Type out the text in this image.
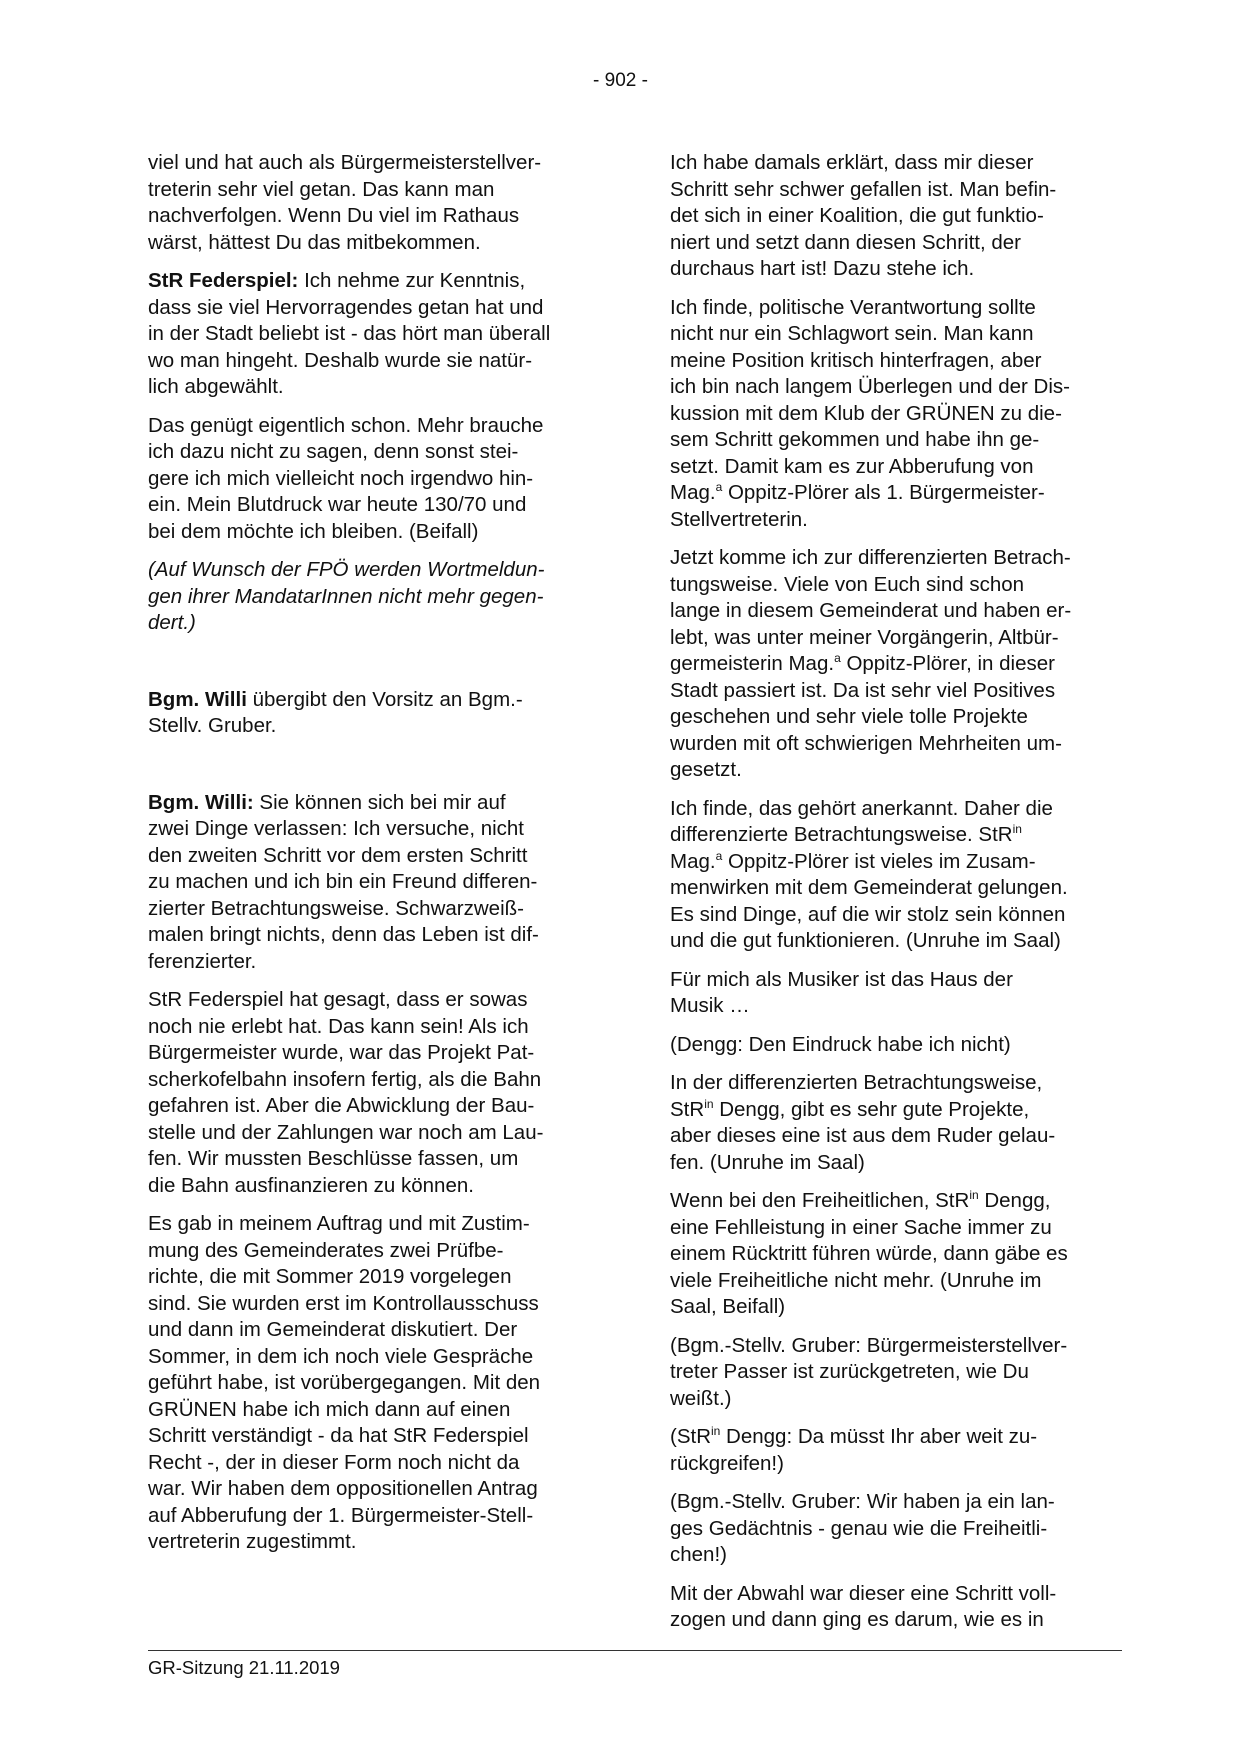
- 902 -

viel und hat auch als Bürgermeisterstellver-
treterin sehr viel getan. Das kann man
nachverfolgen. Wenn Du viel im Rathaus
wärst, hättest Du das mitbekommen.

StR Federspiel: Ich nehme zur Kenntnis,
dass sie viel Hervorragendes getan hat und
in der Stadt beliebt ist - das hört man überall
wo man hingeht. Deshalb wurde sie natür-
lich abgewählt.

Das genügt eigentlich schon. Mehr brauche
ich dazu nicht zu sagen, denn sonst stei-
gere ich mich vielleicht noch irgendwo hin-
ein. Mein Blutdruck war heute 130/70 und
bei dem möchte ich bleiben. (Beifall)

(Auf Wunsch der FPÖ werden Wortmeldun-
gen ihrer MandatarInnen nicht mehr gegen-
dert.)

Bgm. Willi übergibt den Vorsitz an Bgm.-
Stellv. Gruber.

Bgm. Willi: Sie können sich bei mir auf
zwei Dinge verlassen: Ich versuche, nicht
den zweiten Schritt vor dem ersten Schritt
zu machen und ich bin ein Freund differen-
zierter Betrachtungsweise. Schwarzweiß-
malen bringt nichts, denn das Leben ist dif-
ferenzierter.

StR Federspiel hat gesagt, dass er sowas
noch nie erlebt hat. Das kann sein! Als ich
Bürgermeister wurde, war das Projekt Pat-
scherkofelbahn insofern fertig, als die Bahn
gefahren ist. Aber die Abwicklung der Bau-
stelle und der Zahlungen war noch am Lau-
fen. Wir mussten Beschlüsse fassen, um
die Bahn ausfinanzieren zu können.

Es gab in meinem Auftrag und mit Zustim-
mung des Gemeinderates zwei Prüfbe-
richte, die mit Sommer 2019 vorgelegen
sind. Sie wurden erst im Kontrollausschuss
und dann im Gemeinderat diskutiert. Der
Sommer, in dem ich noch viele Gespräche
geführt habe, ist vorübergegangen. Mit den
GRÜNEN habe ich mich dann auf einen
Schritt verständigt - da hat StR Federspiel
Recht -, der in dieser Form noch nicht da
war. Wir haben dem oppositionellen Antrag
auf Abberufung der 1. Bürgermeister-Stell-
vertreterin zugestimmt.

Ich habe damals erklärt, dass mir dieser
Schritt sehr schwer gefallen ist. Man befin-
det sich in einer Koalition, die gut funktio-
niert und setzt dann diesen Schritt, der
durchaus hart ist! Dazu stehe ich.

Ich finde, politische Verantwortung sollte
nicht nur ein Schlagwort sein. Man kann
meine Position kritisch hinterfragen, aber
ich bin nach langem Überlegen und der Dis-
kussion mit dem Klub der GRÜNEN zu die-
sem Schritt gekommen und habe ihn ge-
setzt. Damit kam es zur Abberufung von
Mag.$^a$ Oppitz-Plörer als 1. Bürgermeister-
Stellvertreterin.

Jetzt komme ich zur differenzierten Betrach-
tungsweise. Viele von Euch sind schon
lange in diesem Gemeinderat und haben er-
lebt, was unter meiner Vorgängerin, Altbür-
germeisterin Mag.$^a$ Oppitz-Plörer, in dieser
Stadt passiert ist. Da ist sehr viel Positives
geschehen und sehr viele tolle Projekte
wurden mit oft schwierigen Mehrheiten um-
gesetzt.

Ich finde, das gehört anerkannt. Daher die
differenzierte Betrachtungsweise. StR$^{in}$
Mag.$^a$ Oppitz-Plörer ist vieles im Zusam-
menwirken mit dem Gemeinderat gelungen.
Es sind Dinge, auf die wir stolz sein können
und die gut funktionieren. (Unruhe im Saal)

Für mich als Musiker ist das Haus der
Musik …

(Dengg: Den Eindruck habe ich nicht)

In der differenzierten Betrachtungsweise,
StR$^{in}$ Dengg, gibt es sehr gute Projekte,
aber dieses eine ist aus dem Ruder gelau-
fen. (Unruhe im Saal)

Wenn bei den Freiheitlichen, StR$^{in}$ Dengg,
eine Fehlleistung in einer Sache immer zu
einem Rücktritt führen würde, dann gäbe es
viele Freiheitliche nicht mehr. (Unruhe im
Saal, Beifall)

(Bgm.-Stellv. Gruber: Bürgermeisterstellver-
treter Passer ist zurückgetreten, wie Du
weißt.)

(StR$^{in}$ Dengg: Da müsst Ihr aber weit zu-
rückgreifen!)

(Bgm.-Stellv. Gruber: Wir haben ja ein lan-
ges Gedächtnis - genau wie die Freiheitli-
chen!)

Mit der Abwahl war dieser eine Schritt voll-
zogen und dann ging es darum, wie es in

GR-Sitzung 21.11.2019
